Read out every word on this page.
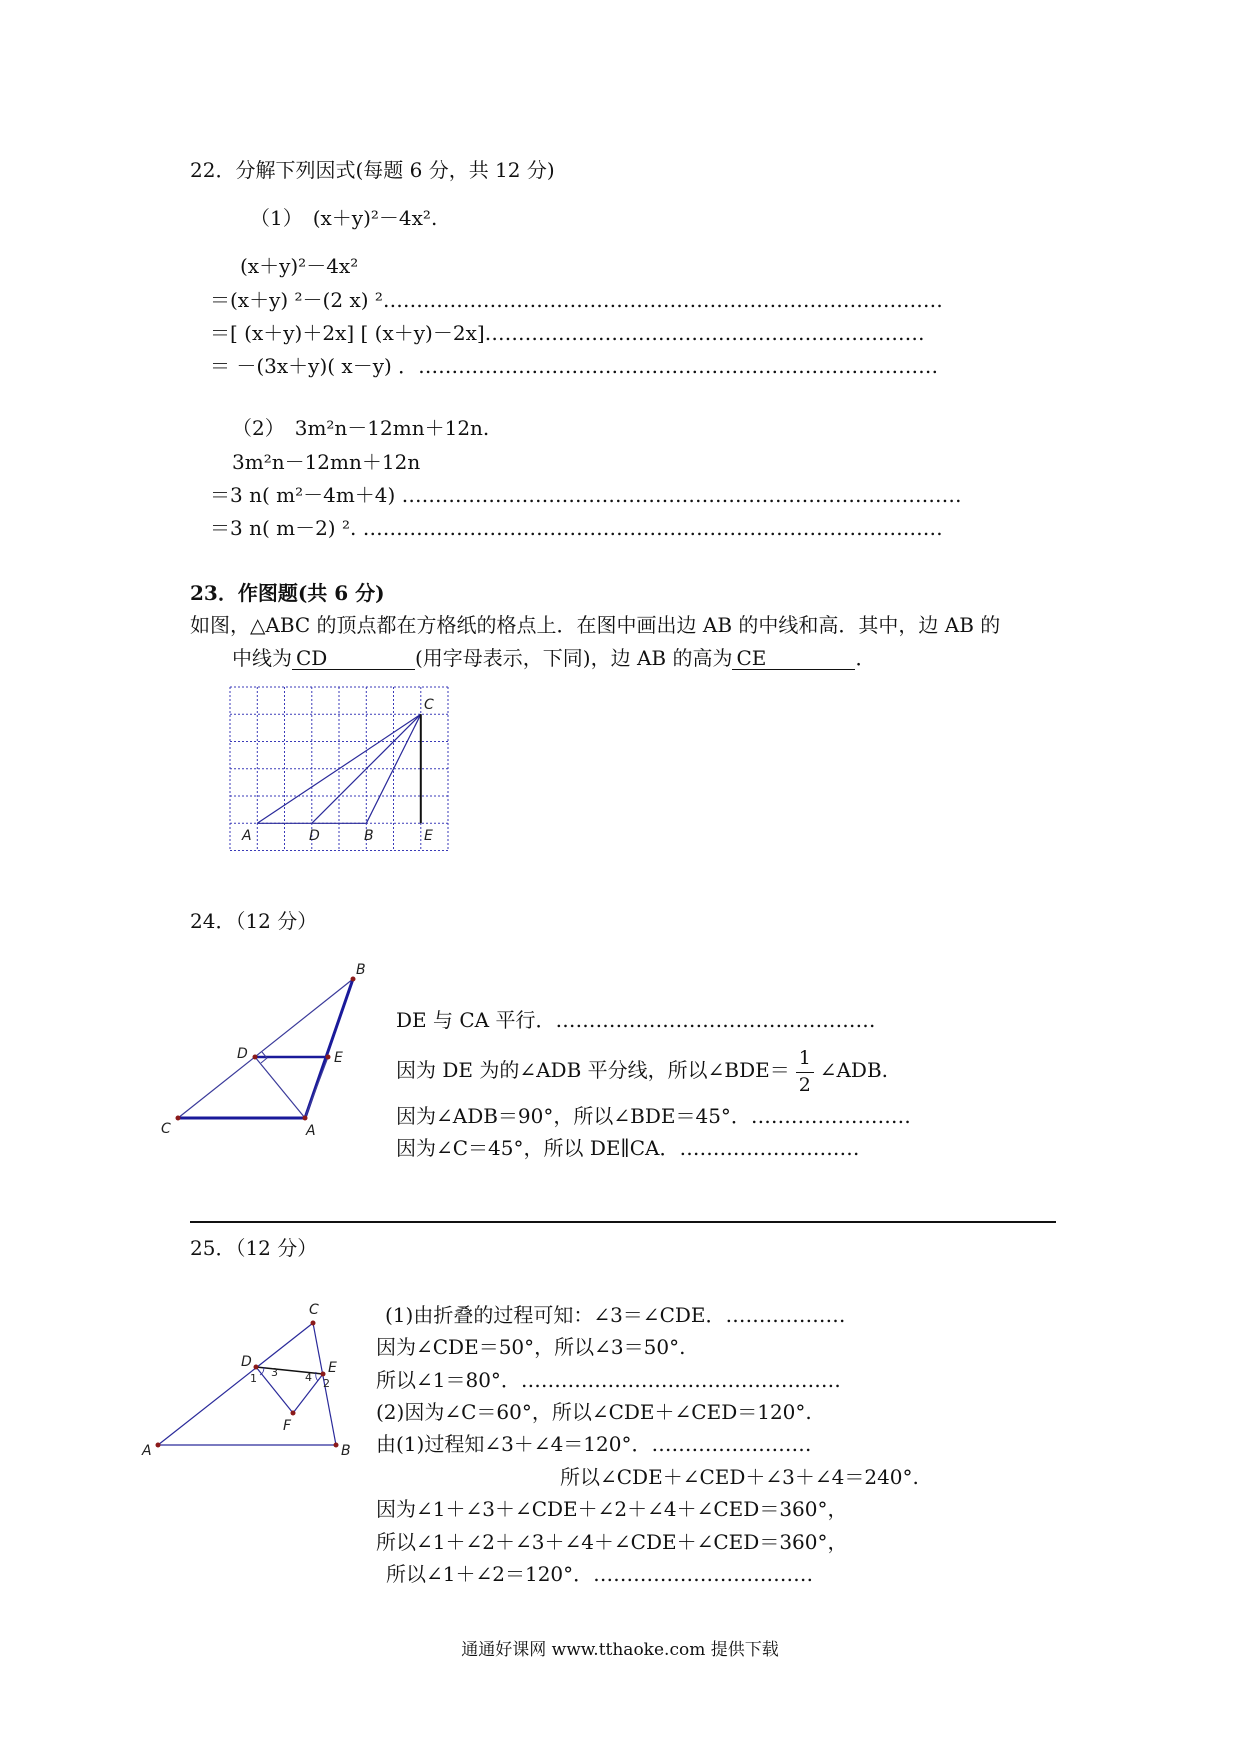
22．分解下列因式(每题 6 分，共 12 分)
（1）　(x＋y)²－4x².
(x＋y)²－4x²
＝(x＋y) ²－(2 x) ²…………………………………………………………………………
＝[ (x＋y)＋2x] [ (x＋y)－2x]…………………………………………………………
＝ －(3x＋y)( x－y) ．……………………………………………………………………
（2）　3m²n－12mn＋12n.
3m²n－12mn＋12n
＝3 n( m²－4m＋4) …………………………………………………………………………
＝3 n( m－2) ². ……………………………………………………………………………
23．作图题(共 6 分)
如图，△ABC 的顶点都在方格纸的格点上．在图中画出边 AB 的中线和高．其中，边 AB 的
中线为 CD	(用字母表示，下同)，边 AB 的高为 CE	．
A	D	B
C
E
24．（12 分）
C	A
B
D	E
DE 与 CA 平行．…………………………………………
因为 DE 为的∠ADB 平分线，所以∠BDE＝ $\frac{1}{2}$ ∠ADB.
因为∠ADB＝90°，所以∠BDE＝45°．……………………
因为∠C＝45°，所以 DE∥CA．………………………
25．（12 分）
A	B
C
D	E
F
1	2
3 4
(1)由折叠的过程可知：∠3＝∠CDE．………………
因为∠CDE＝50°，所以∠3＝50°.
所以∠1＝80°．…………………………………………
(2)因为∠C＝60°，所以∠CDE＋∠CED＝120°.
由(1)过程知∠3＋∠4＝120°．……………………
所以∠CDE＋∠CED＋∠3＋∠4＝240°.
因为∠1＋∠3＋∠CDE＋∠2＋∠4＋∠CED＝360°，
所以∠1＋∠2＋∠3＋∠4＋∠CDE＋∠CED＝360°，
所以∠1＋∠2＝120°．……………………………
通通好课网 www.tthaoke.com 提供下载
